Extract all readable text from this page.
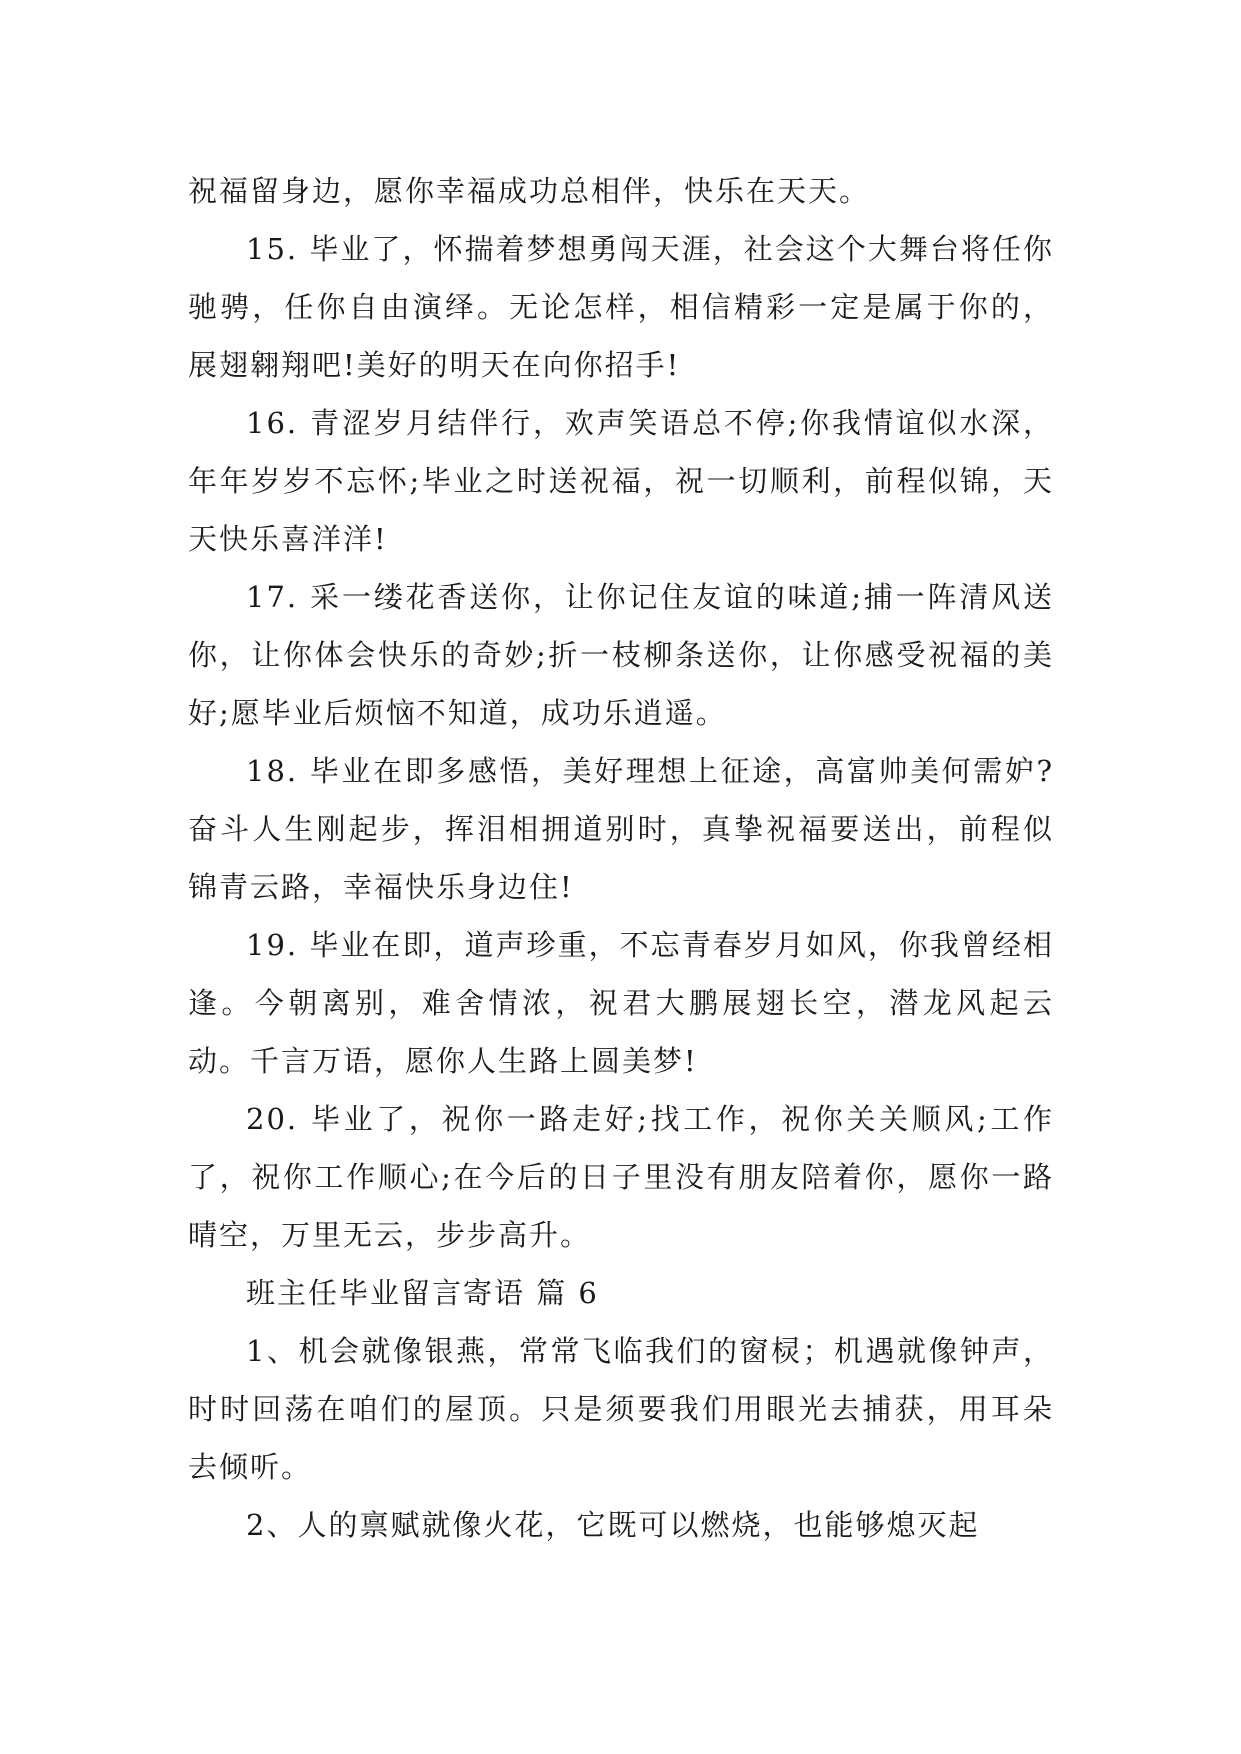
祝福留身边，愿你幸福成功总相伴，快乐在天天。

15. 毕业了，怀揣着梦想勇闯天涯，社会这个大舞台将任你驰骋，任你自由演绎。无论怎样，相信精彩一定是属于你的，展翅翱翔吧!美好的明天在向你招手!

16. 青涩岁月结伴行，欢声笑语总不停;你我情谊似水深，年年岁岁不忘怀;毕业之时送祝福，祝一切顺利，前程似锦，天天快乐喜洋洋!

17. 采一缕花香送你，让你记住友谊的味道;捕一阵清风送你，让你体会快乐的奇妙;折一枝柳条送你，让你感受祝福的美好;愿毕业后烦恼不知道，成功乐逍遥。

18. 毕业在即多感悟，美好理想上征途，高富帅美何需妒?奋斗人生刚起步，挥泪相拥道别时，真挚祝福要送出，前程似锦青云路，幸福快乐身边住!

19. 毕业在即，道声珍重，不忘青春岁月如风，你我曾经相逢。今朝离别，难舍情浓，祝君大鹏展翅长空，潜龙风起云动。千言万语，愿你人生路上圆美梦!

20. 毕业了，祝你一路走好;找工作，祝你关关顺风;工作了，祝你工作顺心;在今后的日子里没有朋友陪着你，愿你一路晴空，万里无云，步步高升。

班主任毕业留言寄语 篇 6

1、机会就像银燕，常常飞临我们的窗棂；机遇就像钟声，时时回荡在咱们的屋顶。只是须要我们用眼光去捕获，用耳朵去倾听。

2、人的禀赋就像火花，它既可以燃烧，也能够熄灭起
